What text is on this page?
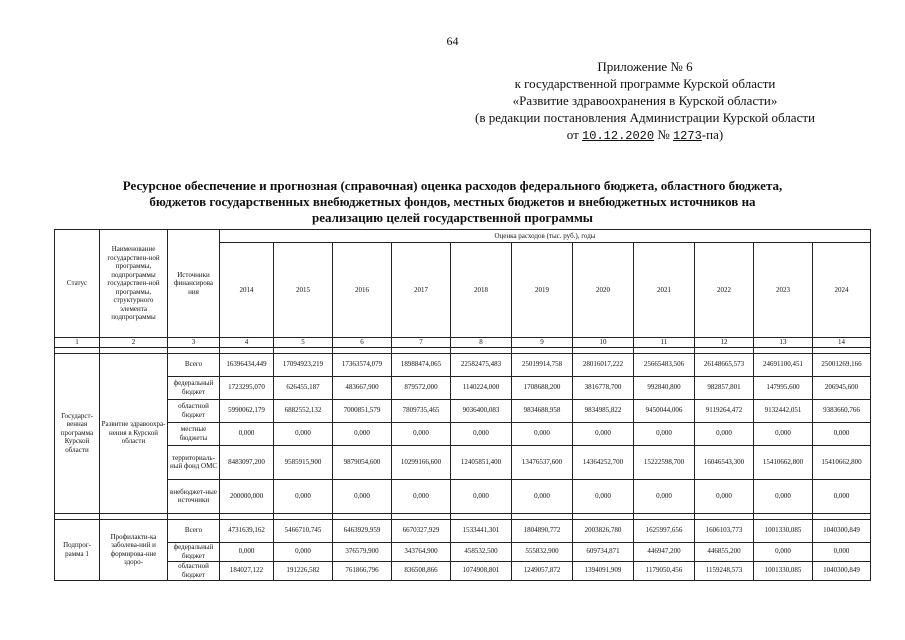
64
Приложение № 6
к государственной программе Курской области
«Развитие здравоохранения в Курской области»
(в редакции постановления Администрации Курской области
от 10.12.2020 № 1273-па)
Ресурсное обеспечение и прогнозная (справочная) оценка расходов федерального бюджета, областного бюджета,
бюджетов государственных внебюджетных фондов, местных бюджетов и внебюджетных источников на
реализацию целей государственной программы
Статус	Наименование государствен-ной программы, подпрограммы государствен-ной программы, структурного элемента подпрограммы	Источники финансирова ния	Оценка расходов (тыс. руб.), годы										
			2014	2015	2016	2017	2018	2019	2020	2021	2022	2023	2024
1	2	3	4	5	6	7	8	9	10	11	12	13	14

Государст-венная программа Курской области	Развитие здравоохра-нения в Курской области	Всего	16396434,449	17094923,219	17363574,079	18988474,065	22582475,483	25019914,758	28016017,222	25665483,506	26148665,573	24691100,451	25001269,166
		федеральный бюджет	1723295,070	626455,187	483667,900	879572,000	1140224,000	1708688,200	3816778,700	992840,800	982857,801	147995,600	206945,600
		областной бюджет	5990062,179	6882552,132	7000851,579	7809735,465	9036400,083	9834688,958	9834985,822	9450044,006	9119264,472	9132442,051	9383660,766
		местные бюджеты	0,000	0,000	0,000	0,000	0,000	0,000	0,000	0,000	0,000	0,000	0,000
		территориаль-ный фонд ОМС	8483097,200	9585915,900	9879054,600	10299166,600	12405851,400	13476537,600	14364252,700	15222598,700	16046543,300	15410662,800	15410662,800
		внебюджет-ные источники	200000,000	0,000	0,000	0,000	0,000	0,000	0,000	0,000	0,000	0,000	0,000

Подпрог-рамма 1	Профилакти-ка заболева-ний и формирова-ние здоро-	Всего	4731639,162	5466710,745	6463929,959	6670327,929	1533441,301	1804890,772	2003826,780	1625997,656	1606103,773	1001330,085	1040300,849
		федеральный бюджет	0,000	0,000	376579,900	343764,900	458532,500	555832,900	609734,871	446947,200	446855,200	0,000	0,000
		областной бюджет	184027,122	191226,582	761866,796	836508,866	1074908,801	1249057,872	1394091,909	1179050,456	1159248,573	1001330,085	1040300,849
